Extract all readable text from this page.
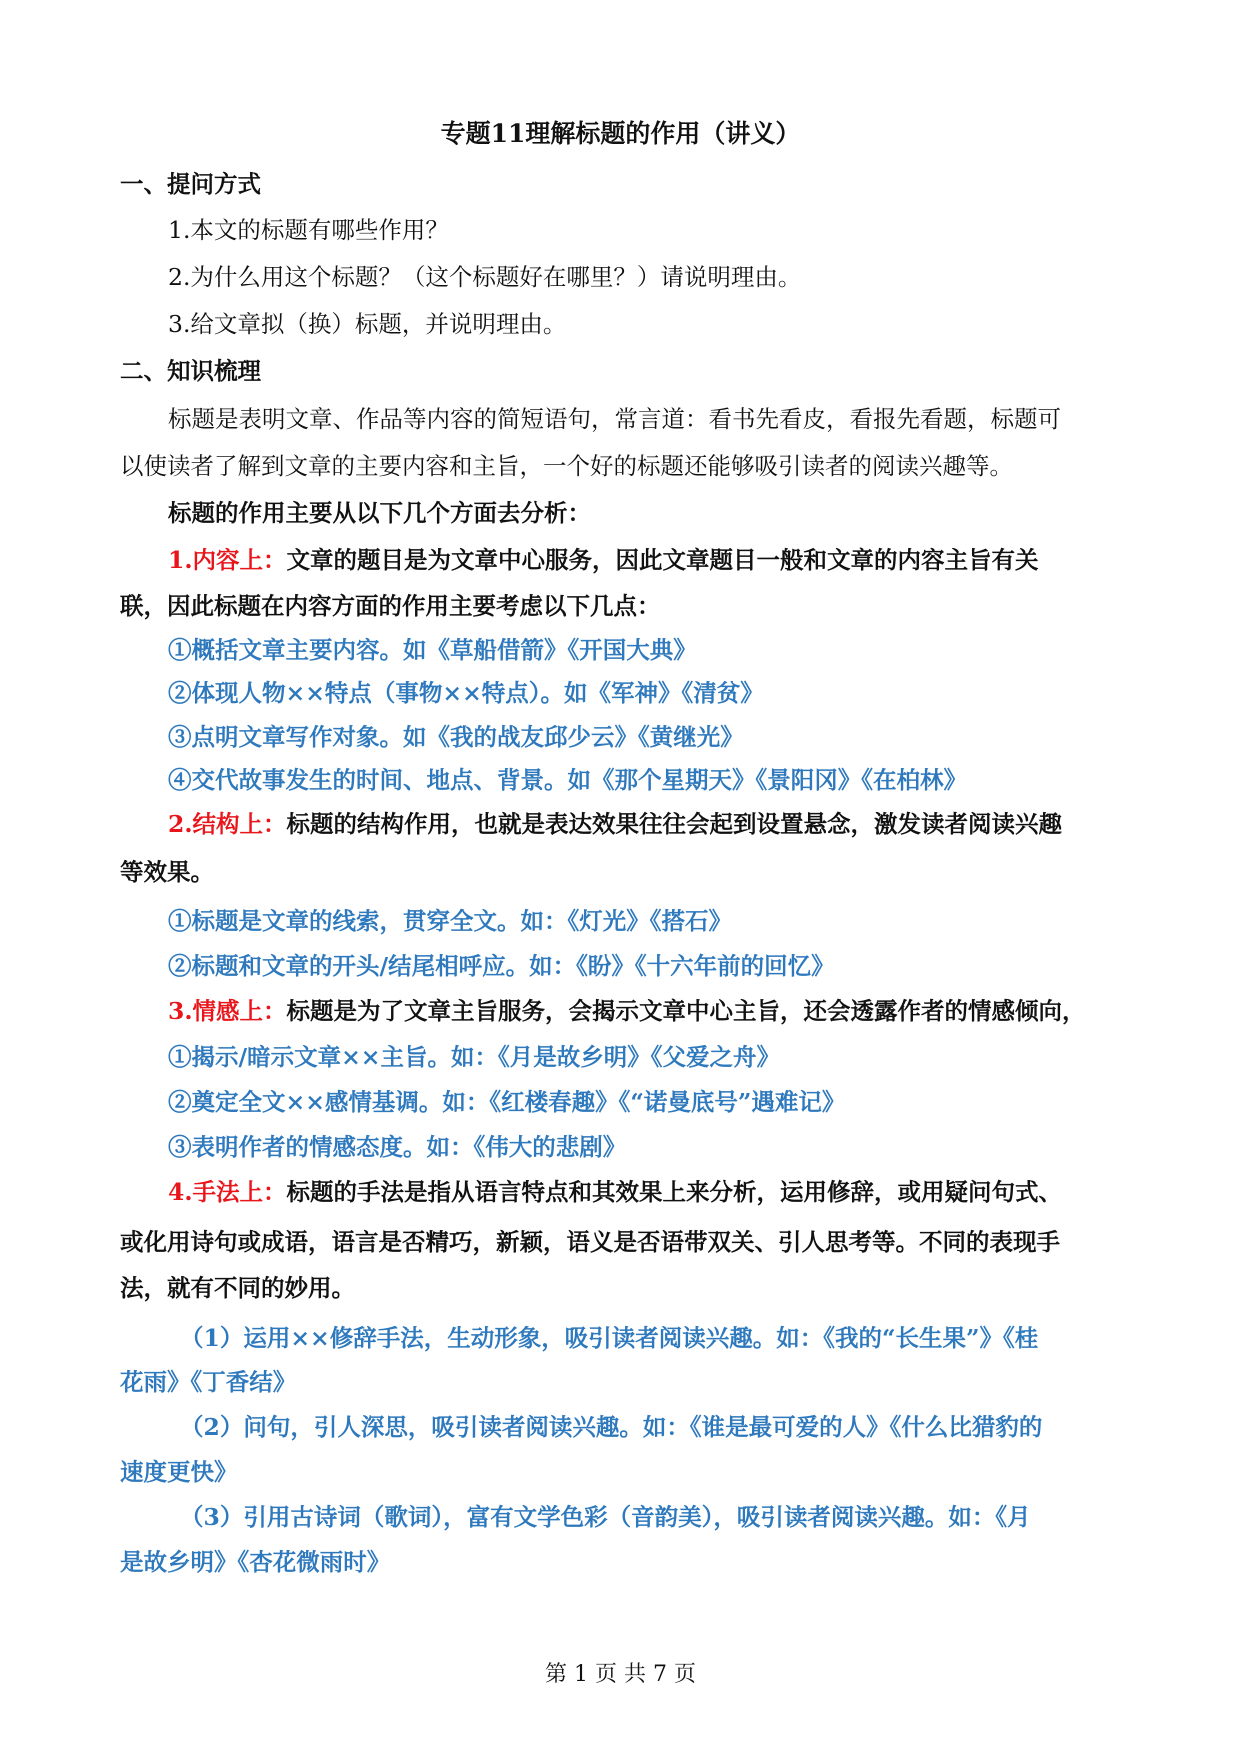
专题11理解标题的作用（讲义）
一、提问方式
1.本文的标题有哪些作用？
2.为什么用这个标题？（这个标题好在哪里？）请说明理由。
3.给文章拟（换）标题，并说明理由。
二、知识梳理
标题是表明文章、作品等内容的简短语句，常言道：看书先看皮，看报先看题，标题可
以使读者了解到文章的主要内容和主旨，一个好的标题还能够吸引读者的阅读兴趣等。
标题的作用主要从以下几个方面去分析：
1.内容上：文章的题目是为文章中心服务，因此文章题目一般和文章的内容主旨有关
联，因此标题在内容方面的作用主要考虑以下几点：
①概括文章主要内容。如《草船借箭》《开国大典》
②体现人物××特点（事物××特点）。如《军神》《清贫》
③点明文章写作对象。如《我的战友邱少云》《黄继光》
④交代故事发生的时间、地点、背景。如《那个星期天》《景阳冈》《在柏林》
2.结构上：标题的结构作用，也就是表达效果往往会起到设置悬念，激发读者阅读兴趣
等效果。
①标题是文章的线索，贯穿全文。如：《灯光》《搭石》
②标题和文章的开头/结尾相呼应。如：《盼》《十六年前的回忆》
3.情感上：标题是为了文章主旨服务，会揭示文章中心主旨，还会透露作者的情感倾向，
①揭示/暗示文章××主旨。如：《月是故乡明》《父爱之舟》
②奠定全文××感情基调。如：《红楼春趣》《“诺曼底号”遇难记》
③表明作者的情感态度。如：《伟大的悲剧》
4.手法上：标题的手法是指从语言特点和其效果上来分析，运用修辞，或用疑问句式、
或化用诗句或成语，语言是否精巧，新颖，语义是否语带双关、引人思考等。不同的表现手
法，就有不同的妙用。
（1）运用××修辞手法，生动形象，吸引读者阅读兴趣。如：《我的“长生果”》《桂
花雨》《丁香结》
（2）问句，引人深思，吸引读者阅读兴趣。如：《谁是最可爱的人》《什么比猎豹的
速度更快》
（3）引用古诗词（歌词），富有文学色彩（音韵美），吸引读者阅读兴趣。如：《月
是故乡明》《杏花微雨时》
第 1 页 共 7 页
